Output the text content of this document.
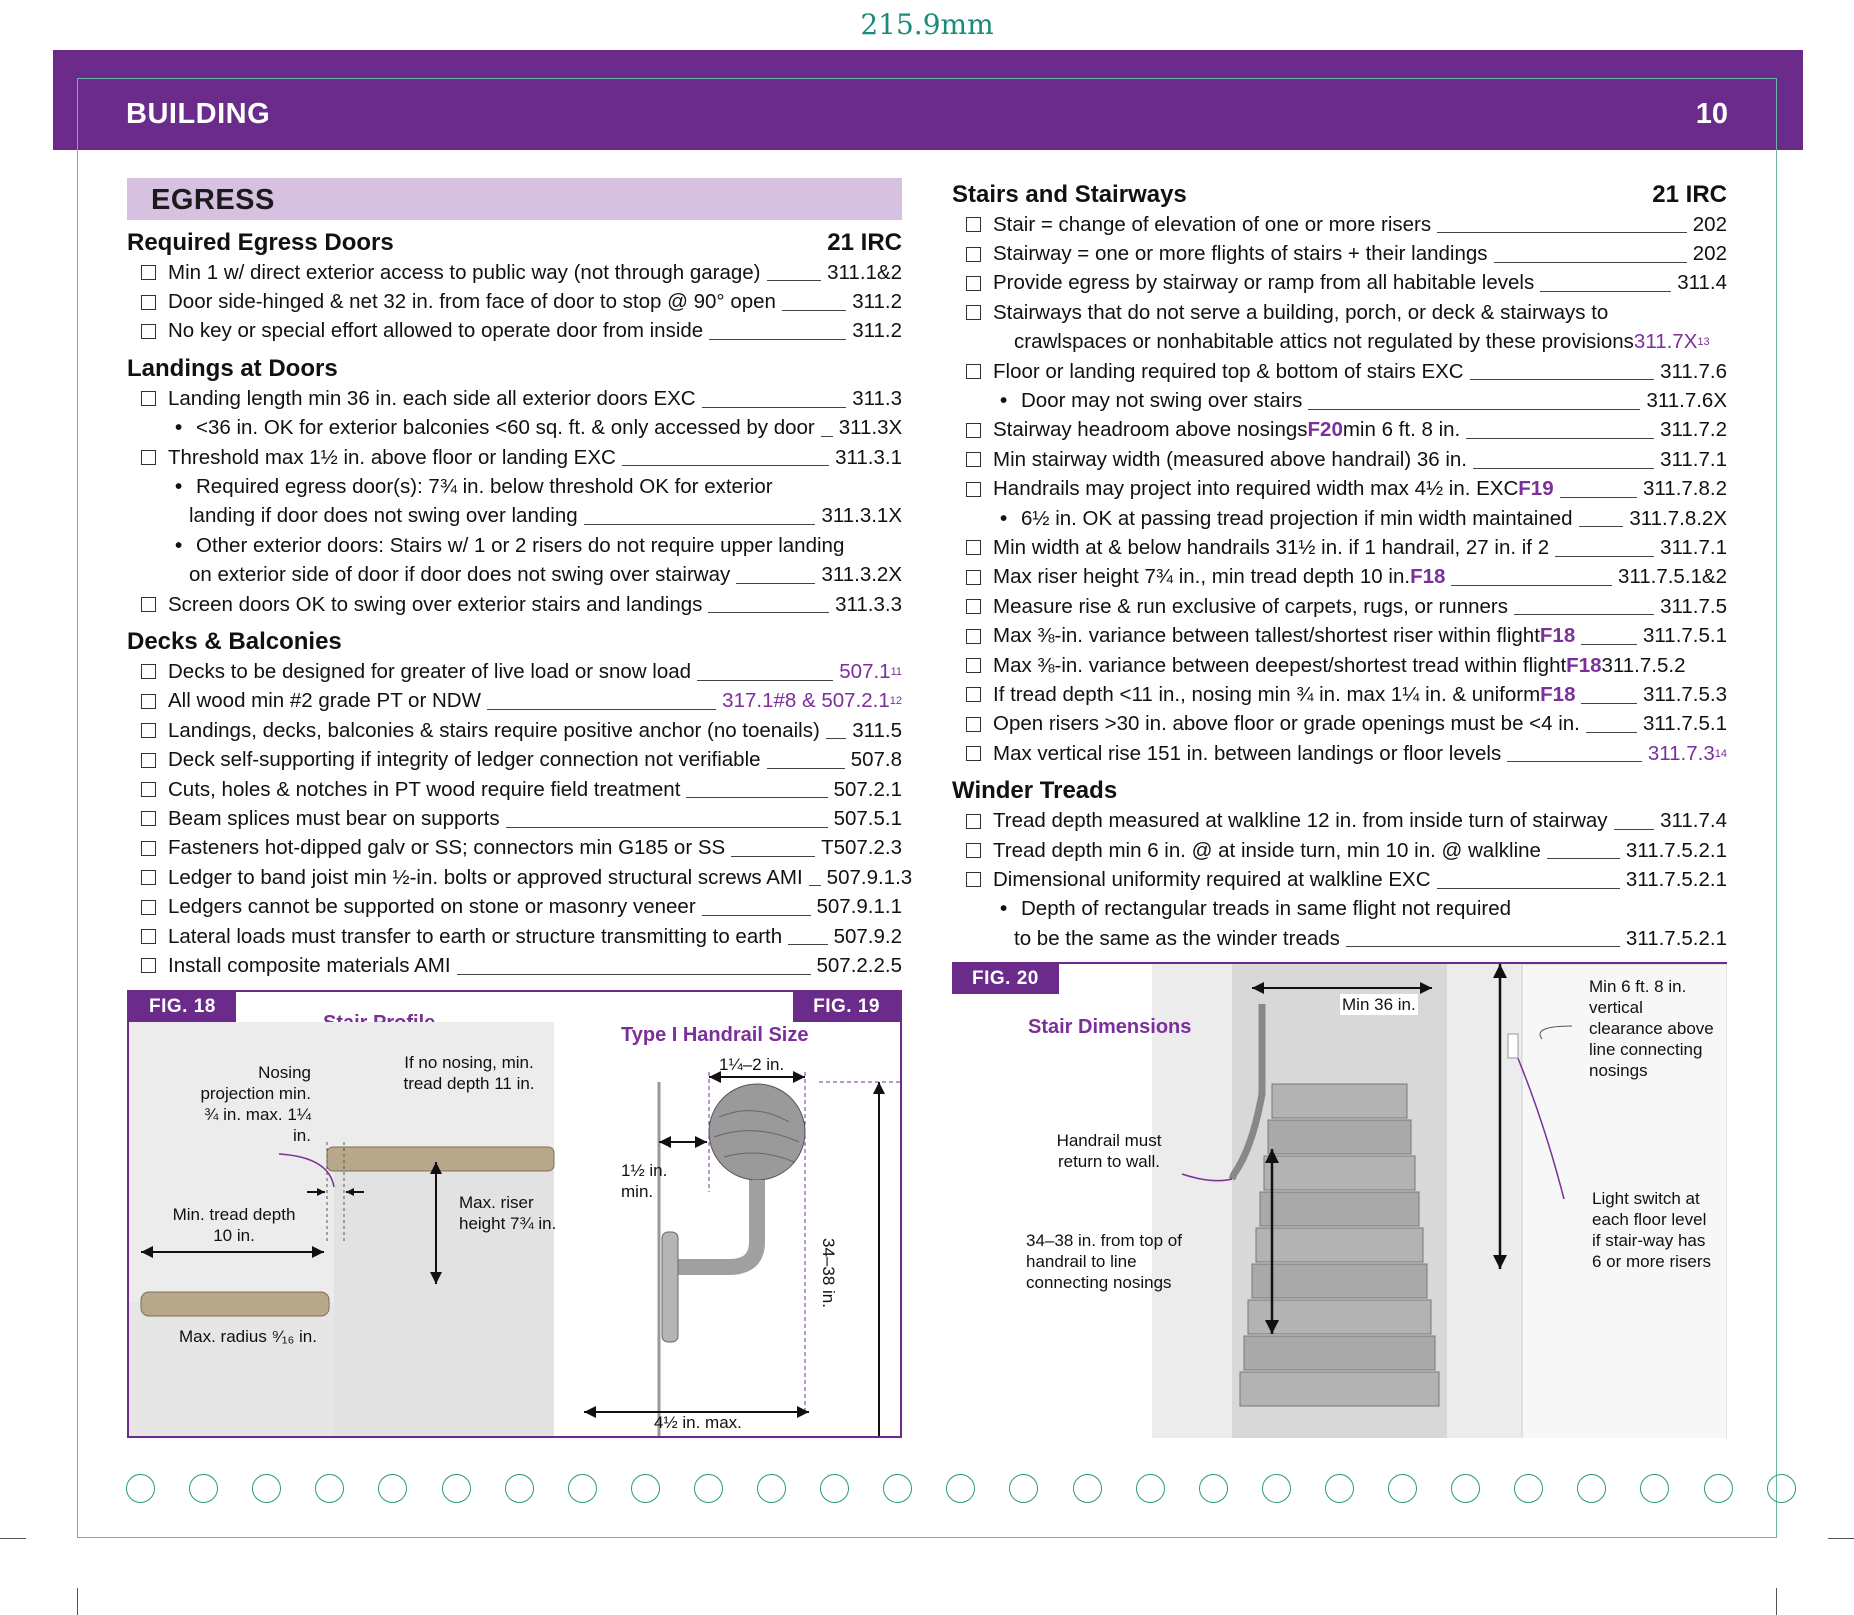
215.9mm
BUILDING	10
EGRESS
Required Egress Doors	21 IRC
Min 1 w/ direct exterior access to public way (not through garage)	311.1&2
Door side-hinged & net 32 in. from face of door to stop @ 90° open	311.2
No key or special effort allowed to operate door from inside	311.2
Landings at Doors
Landing length min 36 in. each side all exterior doors EXC	311.3
• <36 in. OK for exterior balconies <60 sq. ft. & only accessed by door 311.3X
Threshold max 1½ in. above floor or landing EXC	311.3.1
• Required egress door(s): 7¾ in. below threshold OK for exterior
landing if door does not swing over landing	311.3.1X
• Other exterior doors: Stairs w/ 1 or 2 risers do not require upper landing
on exterior side of door if door does not swing over stairway	311.3.2X
Screen doors OK to swing over exterior stairs and landings	311.3.3
Decks & Balconies
Decks to be designed for greater of live load or snow load	507.1 11
All wood min #2 grade PT or NDW	317.1#8 & 507.2.1 12
Landings, decks, balconies & stairs require positive anchor (no toenails) 311.5
Deck self-supporting if integrity of ledger connection not verifiable	507.8
Cuts, holes & notches in PT wood require field treatment	507.2.1
Beam splices must bear on supports	507.5.1
Fasteners hot-dipped galv or SS; connectors min G185 or SS	T507.2.3
Ledger to band joist min ½-in. bolts or approved structural screws AMI 507.9.1.3
Ledgers cannot be supported on stone or masonry veneer	507.9.1.1
Lateral loads must transfer to earth or structure transmitting to earth	507.9.2
Install composite materials AMI	507.2.2.5
Stairs and Stairways	21 IRC
Stair = change of elevation of one or more risers	202
Stairway = one or more flights of stairs + their landings	202
Provide egress by stairway or ramp from all habitable levels	311.4
Stairways that do not serve a building, porch, or deck & stairways to
crawlspaces or nonhabitable attics not regulated by these provisions 311.7X 13
Floor or landing required top & bottom of stairs EXC	311.7.6
• Door may not swing over stairs	311.7.6X
Stairway headroom above nosings F20 min 6 ft. 8 in.	311.7.2
Min stairway width (measured above handrail) 36 in.	311.7.1
Handrails may project into required width max 4½ in. EXC F19	311.7.8.2
• 6½ in. OK at passing tread projection if min width maintained	311.7.8.2X
Min width at & below handrails 31½ in. if 1 handrail, 27 in. if 2	311.7.1
Max riser height 7¾ in., min tread depth 10 in. F18	311.7.5.1&2
Measure rise & run exclusive of carpets, rugs, or runners	311.7.5
Max ⅜-in. variance between tallest/shortest riser within flight F18	311.7.5.1
Max ⅜-in. variance between deepest/shortest tread within flight F18 311.7.5.2
If tread depth <11 in., nosing min ¾ in. max 1¼ in. & uniform F18	311.7.5.3
Open risers >30 in. above floor or grade openings must be <4 in.	311.7.5.1
Max vertical rise 151 in. between landings or floor levels	311.7.3 14
Winder Treads
Tread depth measured at walkline 12 in. from inside turn of stairway	311.7.4
Tread depth min 6 in. @ at inside turn, min 10 in. @ walkline	311.7.5.2.1
Dimensional uniformity required at walkline EXC	311.7.5.2.1
• Depth of rectangular treads in same flight not required
to be the same as the winder treads	311.7.5.2.1
FIG. 18	FIG. 19
Type I Handrail Size
Nosing projection min. ¾ in. max. 1¼ in.
If no nosing, min. tread depth 11 in.
Max. riser height 7¾ in.
Min. tread depth 10 in.
Max. radius ⁹⁄₁₆ in.
1¼–2 in.
1½ in. min.
34–38 in.
4½ in. max.
FIG. 20
Stair Dimensions
Min 36 in.
Min 6 ft. 8 in. vertical clearance above line connecting nosings
Handrail must return to wall.
34–38 in. from top of handrail to line connecting nosings
Light switch at each floor level if stair-way has 6 or more risers
